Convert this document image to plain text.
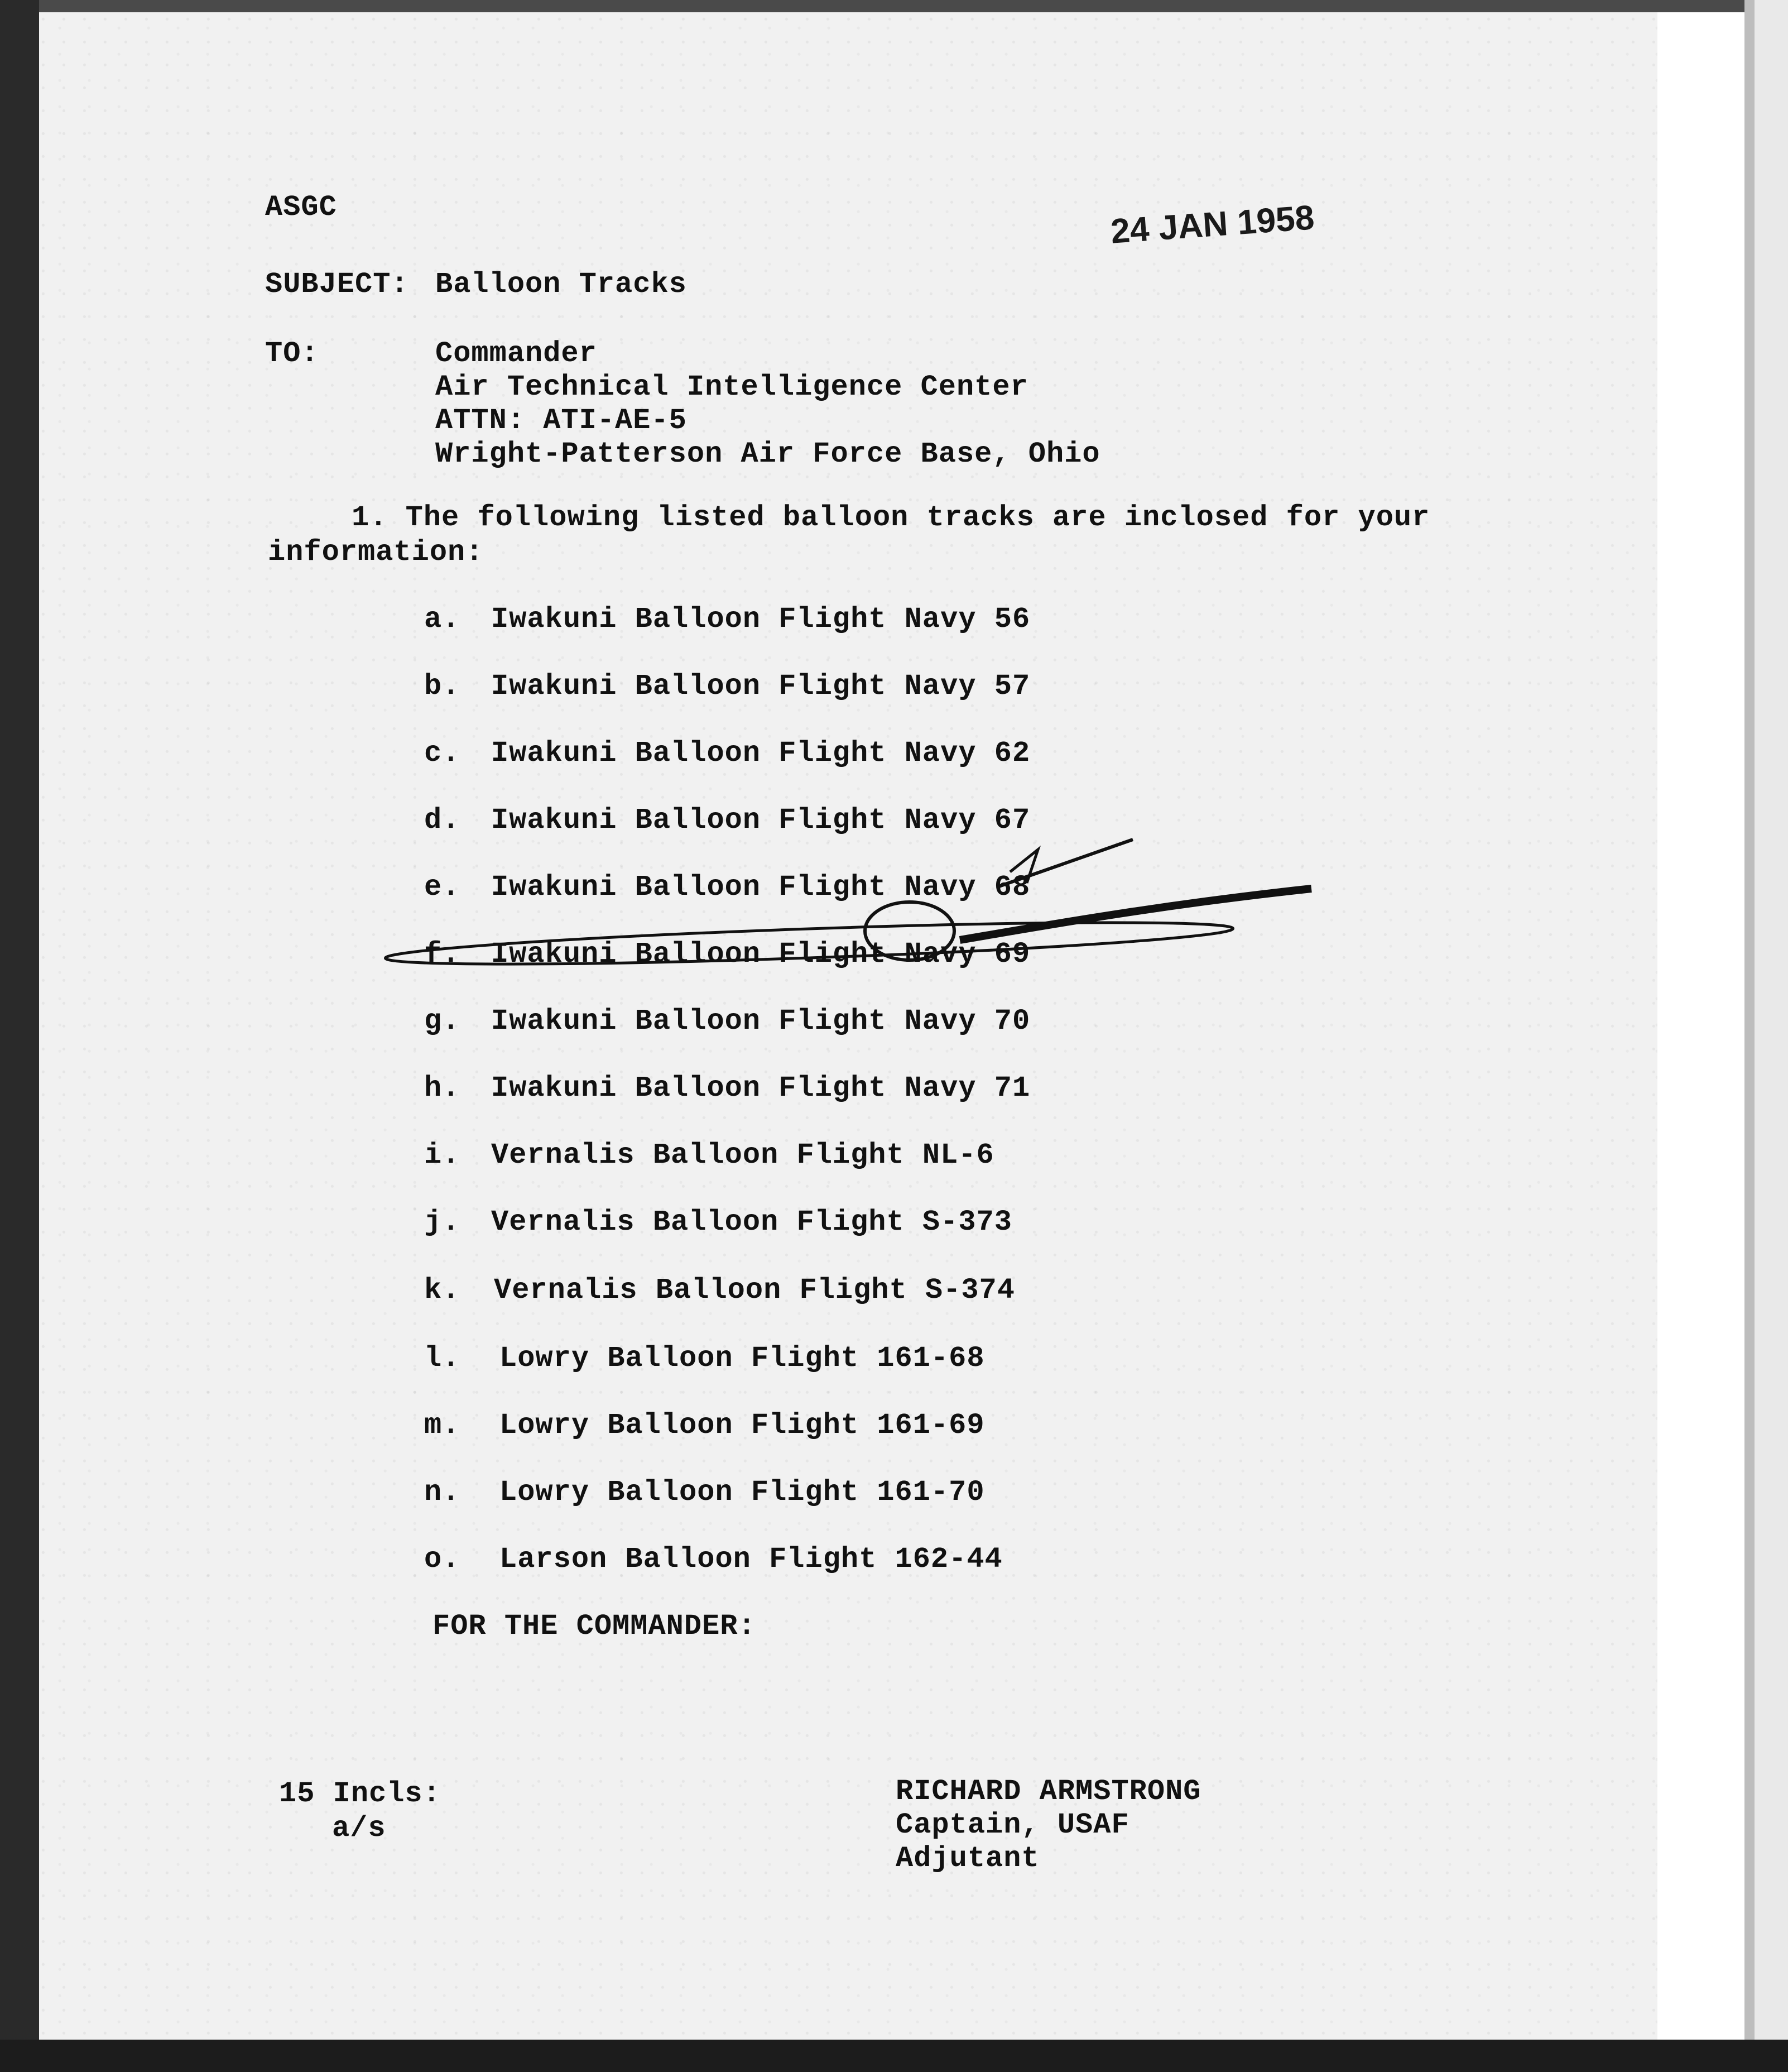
ASGC	24 JAN 1958
SUBJECT: Balloon Tracks
TO:	Commander
Air Technical Intelligence Center
ATTN: ATI-AE-5
Wright-Patterson Air Force Base, Ohio
1. The following listed balloon tracks are inclosed for your
information:
a. Iwakuni Balloon Flight Navy 56
b. Iwakuni Balloon Flight Navy 57
c. Iwakuni Balloon Flight Navy 62
d. Iwakuni Balloon Flight Navy 67
e. Iwakuni Balloon Flight Navy 68
f. Iwakuni Balloon Flight Navy 69
g. Iwakuni Balloon Flight Navy 70
h. Iwakuni Balloon Flight Navy 71
i. Vernalis Balloon Flight NL-6
j. Vernalis Balloon Flight S-373
k. Vernalis Balloon Flight S-374
l. Lowry Balloon Flight 161-68
m. Lowry Balloon Flight 161-69
n. Lowry Balloon Flight 161-70
o. Larson Balloon Flight 162-44
FOR THE COMMANDER:
15 Incls:
a/s
RICHARD ARMSTRONG
Captain, USAF
Adjutant
